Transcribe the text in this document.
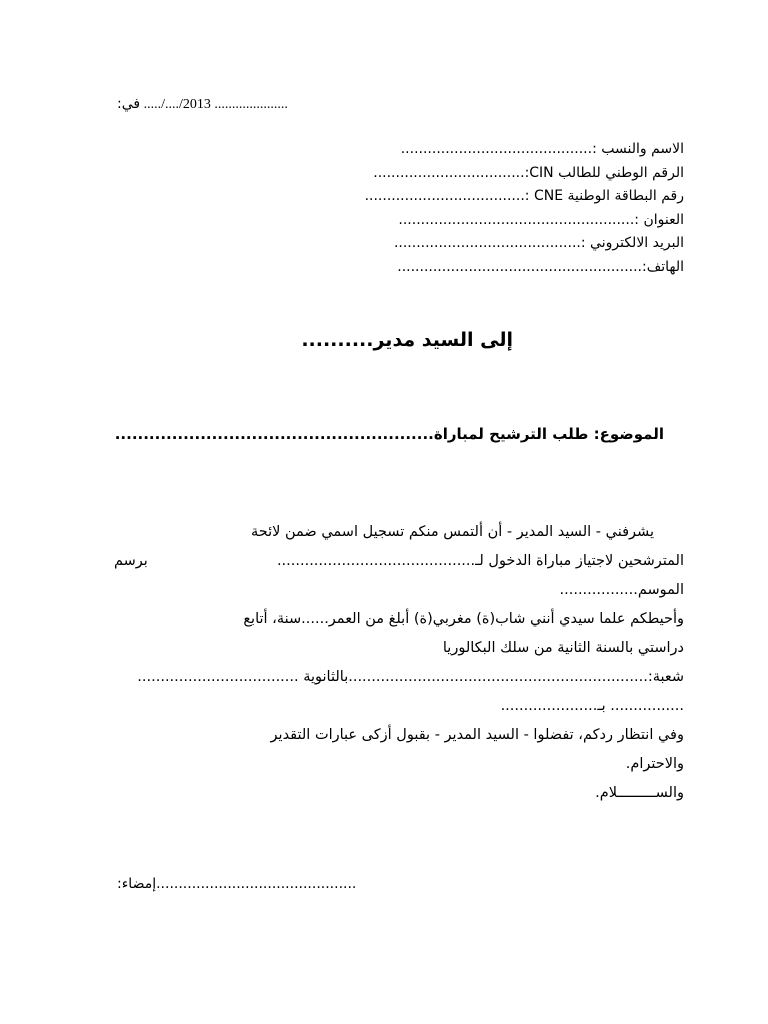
..................... 2013/..../..... في:
الاسم والنسب :...........................................
الرقم الوطني للطالب CIN:..................................
رقم البطاقة الوطنية CNE :....................................
العنوان :.....................................................
البريد الالكتروني :..........................................
الهاتف:.......................................................
إلى السيد مدير..........
الموضوع: طلب الترشيح لمباراة........................................................
يشرفني - السيد المدير - أن ألتمس منكم تسجيل اسمي ضمن لائحة
المترشحين لاجتياز مباراة الدخول لـ...........................................
برسم
الموسم.................
وأحيطكم علما سيدي أنني شاب(ة) مغربي(ة) أبلغ من العمر......سنة، أتابع
دراستي بالسنة الثانية من سلك البكالوريا
شعبة:.................................................................بالثانوية ...................................
................ بـ.....................
وفي انتظار ردكم، تفضلوا - السيد المدير - بقبول أزكى عبارات التقدير
والاحترام.
والســـــــــلام.
.............................................إمضاء:
